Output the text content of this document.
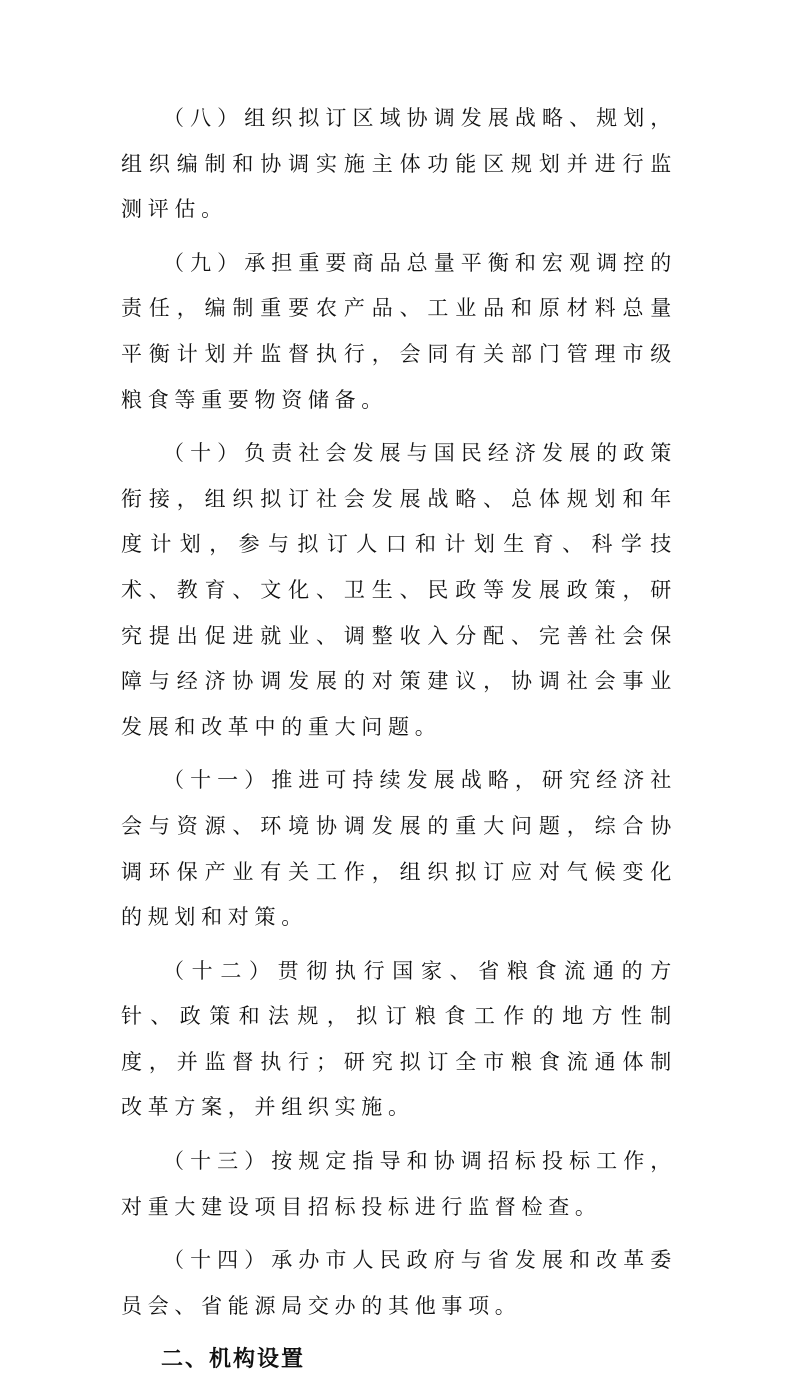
（八）组织拟订区域协调发展战略、规划，组织编制和协调实施主体功能区规划并进行监测评估。

（九）承担重要商品总量平衡和宏观调控的责任，编制重要农产品、工业品和原材料总量平衡计划并监督执行，会同有关部门管理市级粮食等重要物资储备。

（十）负责社会发展与国民经济发展的政策衔接，组织拟订社会发展战略、总体规划和年度计划，参与拟订人口和计划生育、科学技术、教育、文化、卫生、民政等发展政策，研究提出促进就业、调整收入分配、完善社会保障与经济协调发展的对策建议，协调社会事业发展和改革中的重大问题。

（十一）推进可持续发展战略，研究经济社会与资源、环境协调发展的重大问题，综合协调环保产业有关工作，组织拟订应对气候变化的规划和对策。

（十二）贯彻执行国家、省粮食流通的方针、政策和法规，拟订粮食工作的地方性制度，并监督执行；研究拟订全市粮食流通体制改革方案，并组织实施。

（十三）按规定指导和协调招标投标工作，对重大建设项目招标投标进行监督检查。

（十四）承办市人民政府与省发展和改革委员会、省能源局交办的其他事项。

二、机构设置
